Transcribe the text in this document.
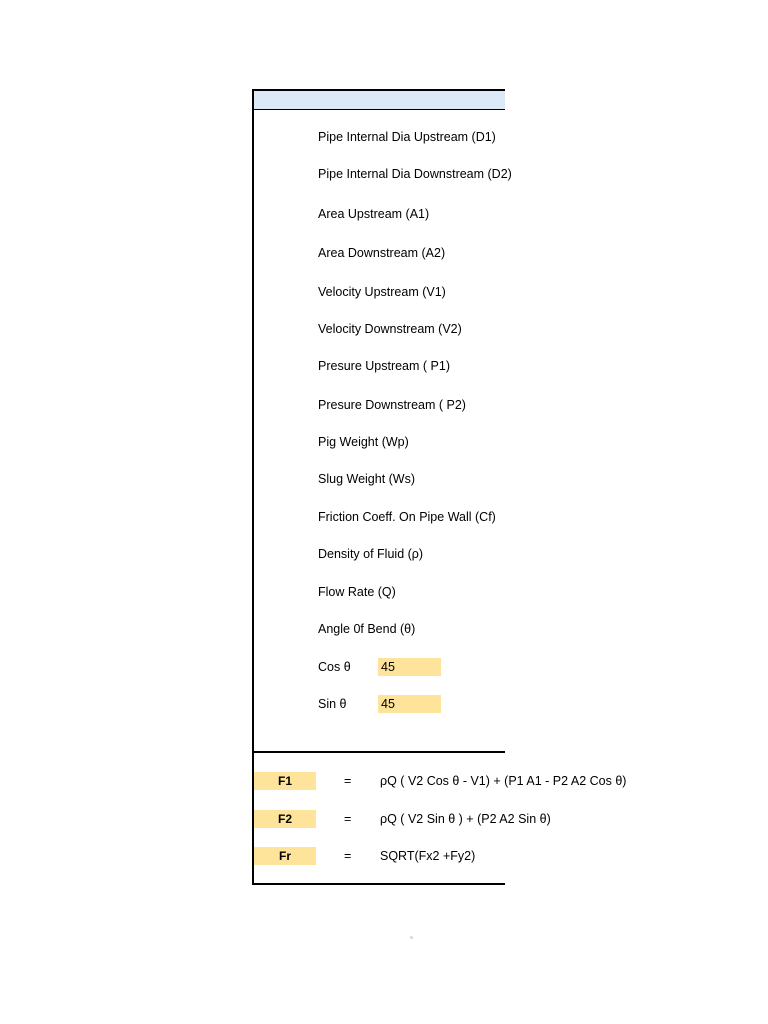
Pipe Internal Dia Upstream (D1)
Pipe Internal Dia Downstream (D2)
Area Upstream (A1)
Area Downstream (A2)
Velocity Upstream (V1)
Velocity Downstream (V2)
Presure Upstream ( P1)
Presure Downstream ( P2)
Pig Weight (Wp)
Slug Weight (Ws)
Friction Coeff. On Pipe Wall (Cf)
Density of Fluid (ρ)
Flow Rate (Q)
Angle 0f Bend (θ)
Cos θ 45
Sin θ	45
F1	= ρQ ( V2 Cos θ - V1) + (P1 A1 - P2 A2 Cos θ)
F2	= ρQ ( V2 Sin θ ) + (P2 A2 Sin θ)
Fr	= SQRT(Fx2 +Fy2)
